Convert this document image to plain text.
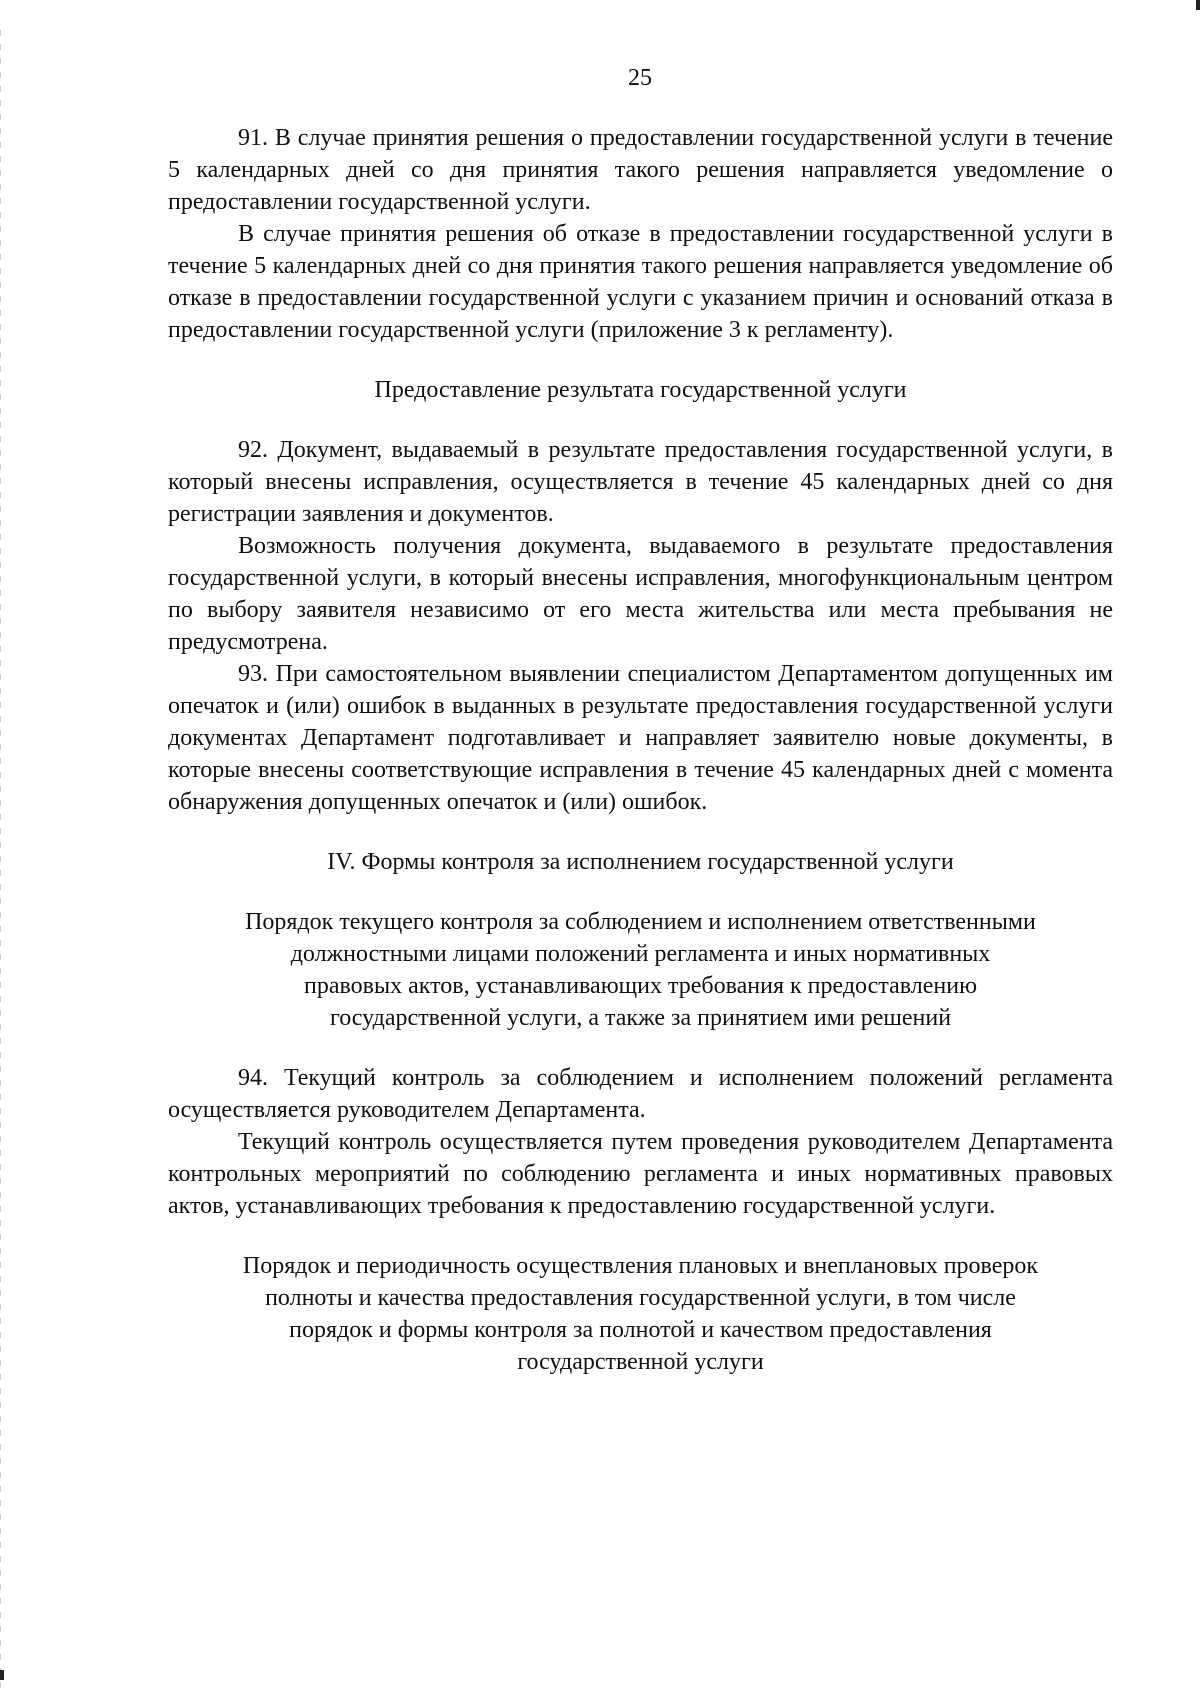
25

91. В случае принятия решения о предоставлении государственной услуги в течение 5 календарных дней со дня принятия такого решения направляется уведомление о предоставлении государственной услуги.

В случае принятия решения об отказе в предоставлении государственной услуги в течение 5 календарных дней со дня принятия такого решения направляется уведомление об отказе в предоставлении государственной услуги с указанием причин и оснований отказа в предоставлении государственной услуги (приложение 3 к регламенту).

Предоставление результата государственной услуги

92. Документ, выдаваемый в результате предоставления государственной услуги, в который внесены исправления, осуществляется в течение 45 календарных дней со дня регистрации заявления и документов.

Возможность получения документа, выдаваемого в результате предоставления государственной услуги, в который внесены исправления, многофункциональным центром по выбору заявителя независимо от его места жительства или места пребывания не предусмотрена.

93. При самостоятельном выявлении специалистом Департаментом допущенных им опечаток и (или) ошибок в выданных в результате предоставления государственной услуги документах Департамент подготавливает и направляет заявителю новые документы, в которые внесены соответствующие исправления в течение 45 календарных дней с момента обнаружения допущенных опечаток и (или) ошибок.

IV. Формы контроля за исполнением государственной услуги

Порядок текущего контроля за соблюдением и исполнением ответственными
должностными лицами положений регламента и иных нормативных
правовых актов, устанавливающих требования к предоставлению
государственной услуги, а также за принятием ими решений

94. Текущий контроль за соблюдением и исполнением положений регламента осуществляется руководителем Департамента.

Текущий контроль осуществляется путем проведения руководителем Департамента контрольных мероприятий по соблюдению регламента и иных нормативных правовых актов, устанавливающих требования к предоставлению государственной услуги.

Порядок и периодичность осуществления плановых и внеплановых проверок
полноты и качества предоставления государственной услуги, в том числе
порядок и формы контроля за полнотой и качеством предоставления
государственной услуги
